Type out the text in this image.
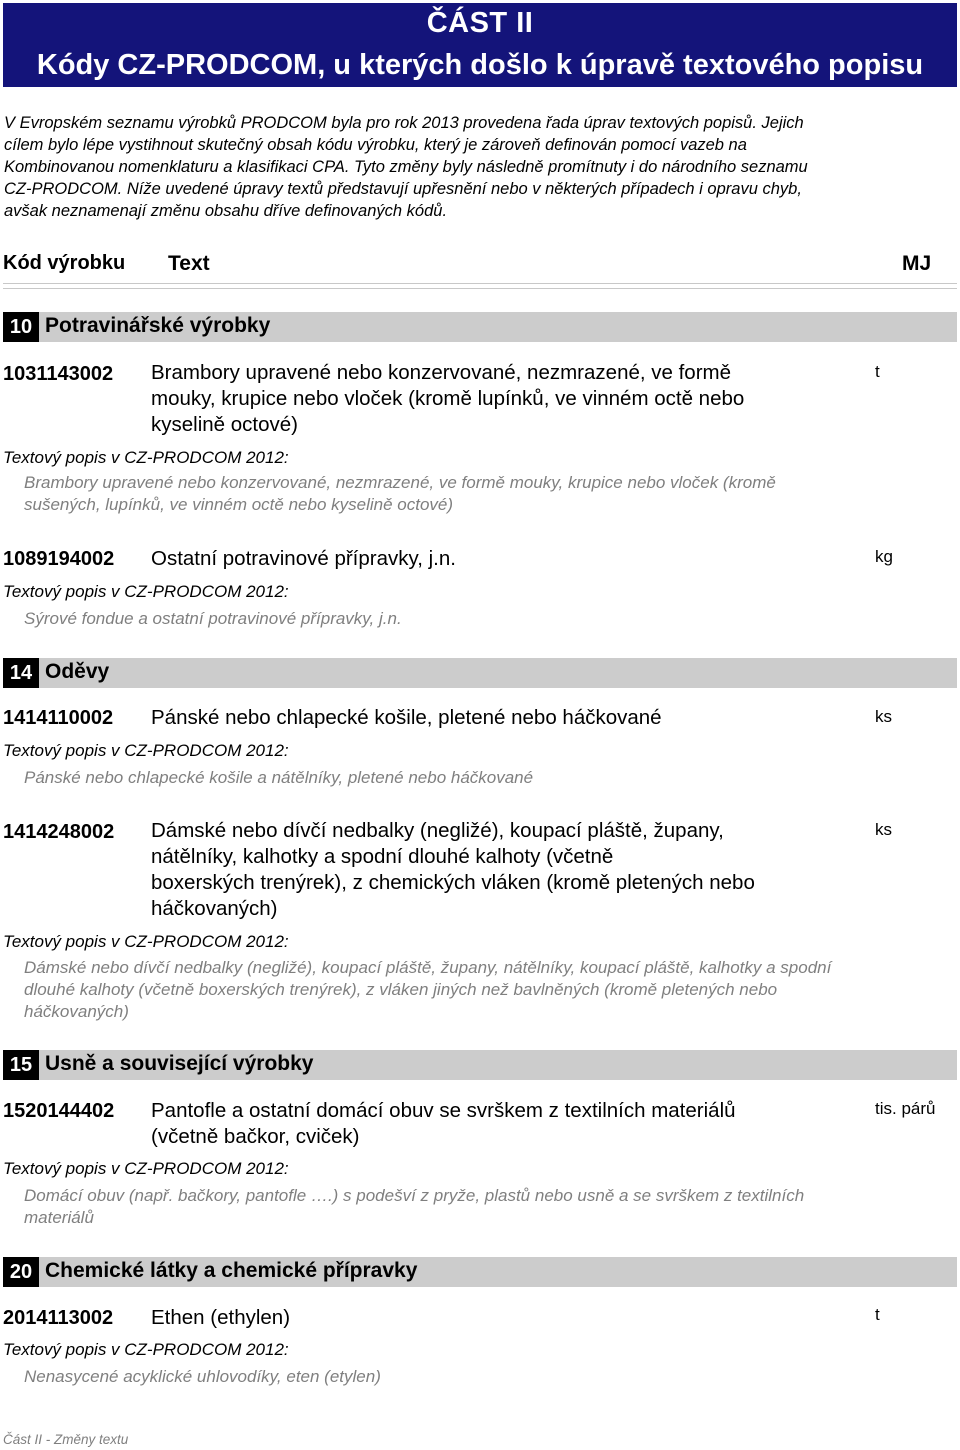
ČÁST II
Kódy CZ-PRODCOM, u kterých došlo k úpravě textového popisu
V Evropském seznamu výrobků PRODCOM byla pro rok 2013 provedena řada úprav textových popisů. Jejich
cílem bylo lépe vystihnout skutečný obsah kódu výrobku, který je zároveň definován pomocí vazeb na
Kombinovanou nomenklaturu a klasifikaci CPA. Tyto změny byly následně promítnuty i do národního seznamu
CZ-PRODCOM. Níže uvedené úpravy textů představují upřesnění nebo v některých případech i opravu chyb,
avšak neznamenají změnu obsahu dříve definovaných kódů.
Kód výrobku Text	MJ
10 Potravinářské výrobky
1031143002 Brambory upravené nebo konzervované, nezmrazené, ve formě
mouky, krupice nebo vloček (kromě lupínků, ve vinném octě nebo
kyselině octové)
t
Textový popis v CZ-PRODCOM 2012:
Brambory upravené nebo konzervované, nezmrazené, ve formě mouky, krupice nebo vloček (kromě
sušených, lupínků, ve vinném octě nebo kyselině octové)
1089194002 Ostatní potravinové přípravky, j.n.	kg
Textový popis v CZ-PRODCOM 2012:
Sýrové fondue a ostatní potravinové přípravky, j.n.
14 Oděvy
1414110002 Pánské nebo chlapecké košile, pletené nebo háčkované	ks
Textový popis v CZ-PRODCOM 2012:
Pánské nebo chlapecké košile a nátělníky, pletené nebo háčkované
1414248002 Dámské nebo dívčí nedbalky (negližé), koupací pláště, župany,
nátělníky, kalhotky a spodní dlouhé kalhoty (včetně
boxerských trenýrek), z chemických vláken (kromě pletených nebo
háčkovaných)
ks
Textový popis v CZ-PRODCOM 2012:
Dámské nebo dívčí nedbalky (negližé), koupací pláště, župany, nátělníky, koupací pláště, kalhotky a spodní
dlouhé kalhoty (včetně boxerských trenýrek), z vláken jiných než bavlněných (kromě pletených nebo
háčkovaných)
15 Usně a související výrobky
1520144402 Pantofle a ostatní domácí obuv se svrškem z textilních materiálů
(včetně bačkor, cviček)
tis. párů
Textový popis v CZ-PRODCOM 2012:
Domácí obuv (např. bačkory, pantofle ….) s podešví z pryže, plastů nebo usně a se svrškem z textilních
materiálů
20 Chemické látky a chemické přípravky
2014113002 Ethen (ethylen)	t
Textový popis v CZ-PRODCOM 2012:
Nenasycené acyklické uhlovodíky, eten (etylen)
Část II - Změny textu
